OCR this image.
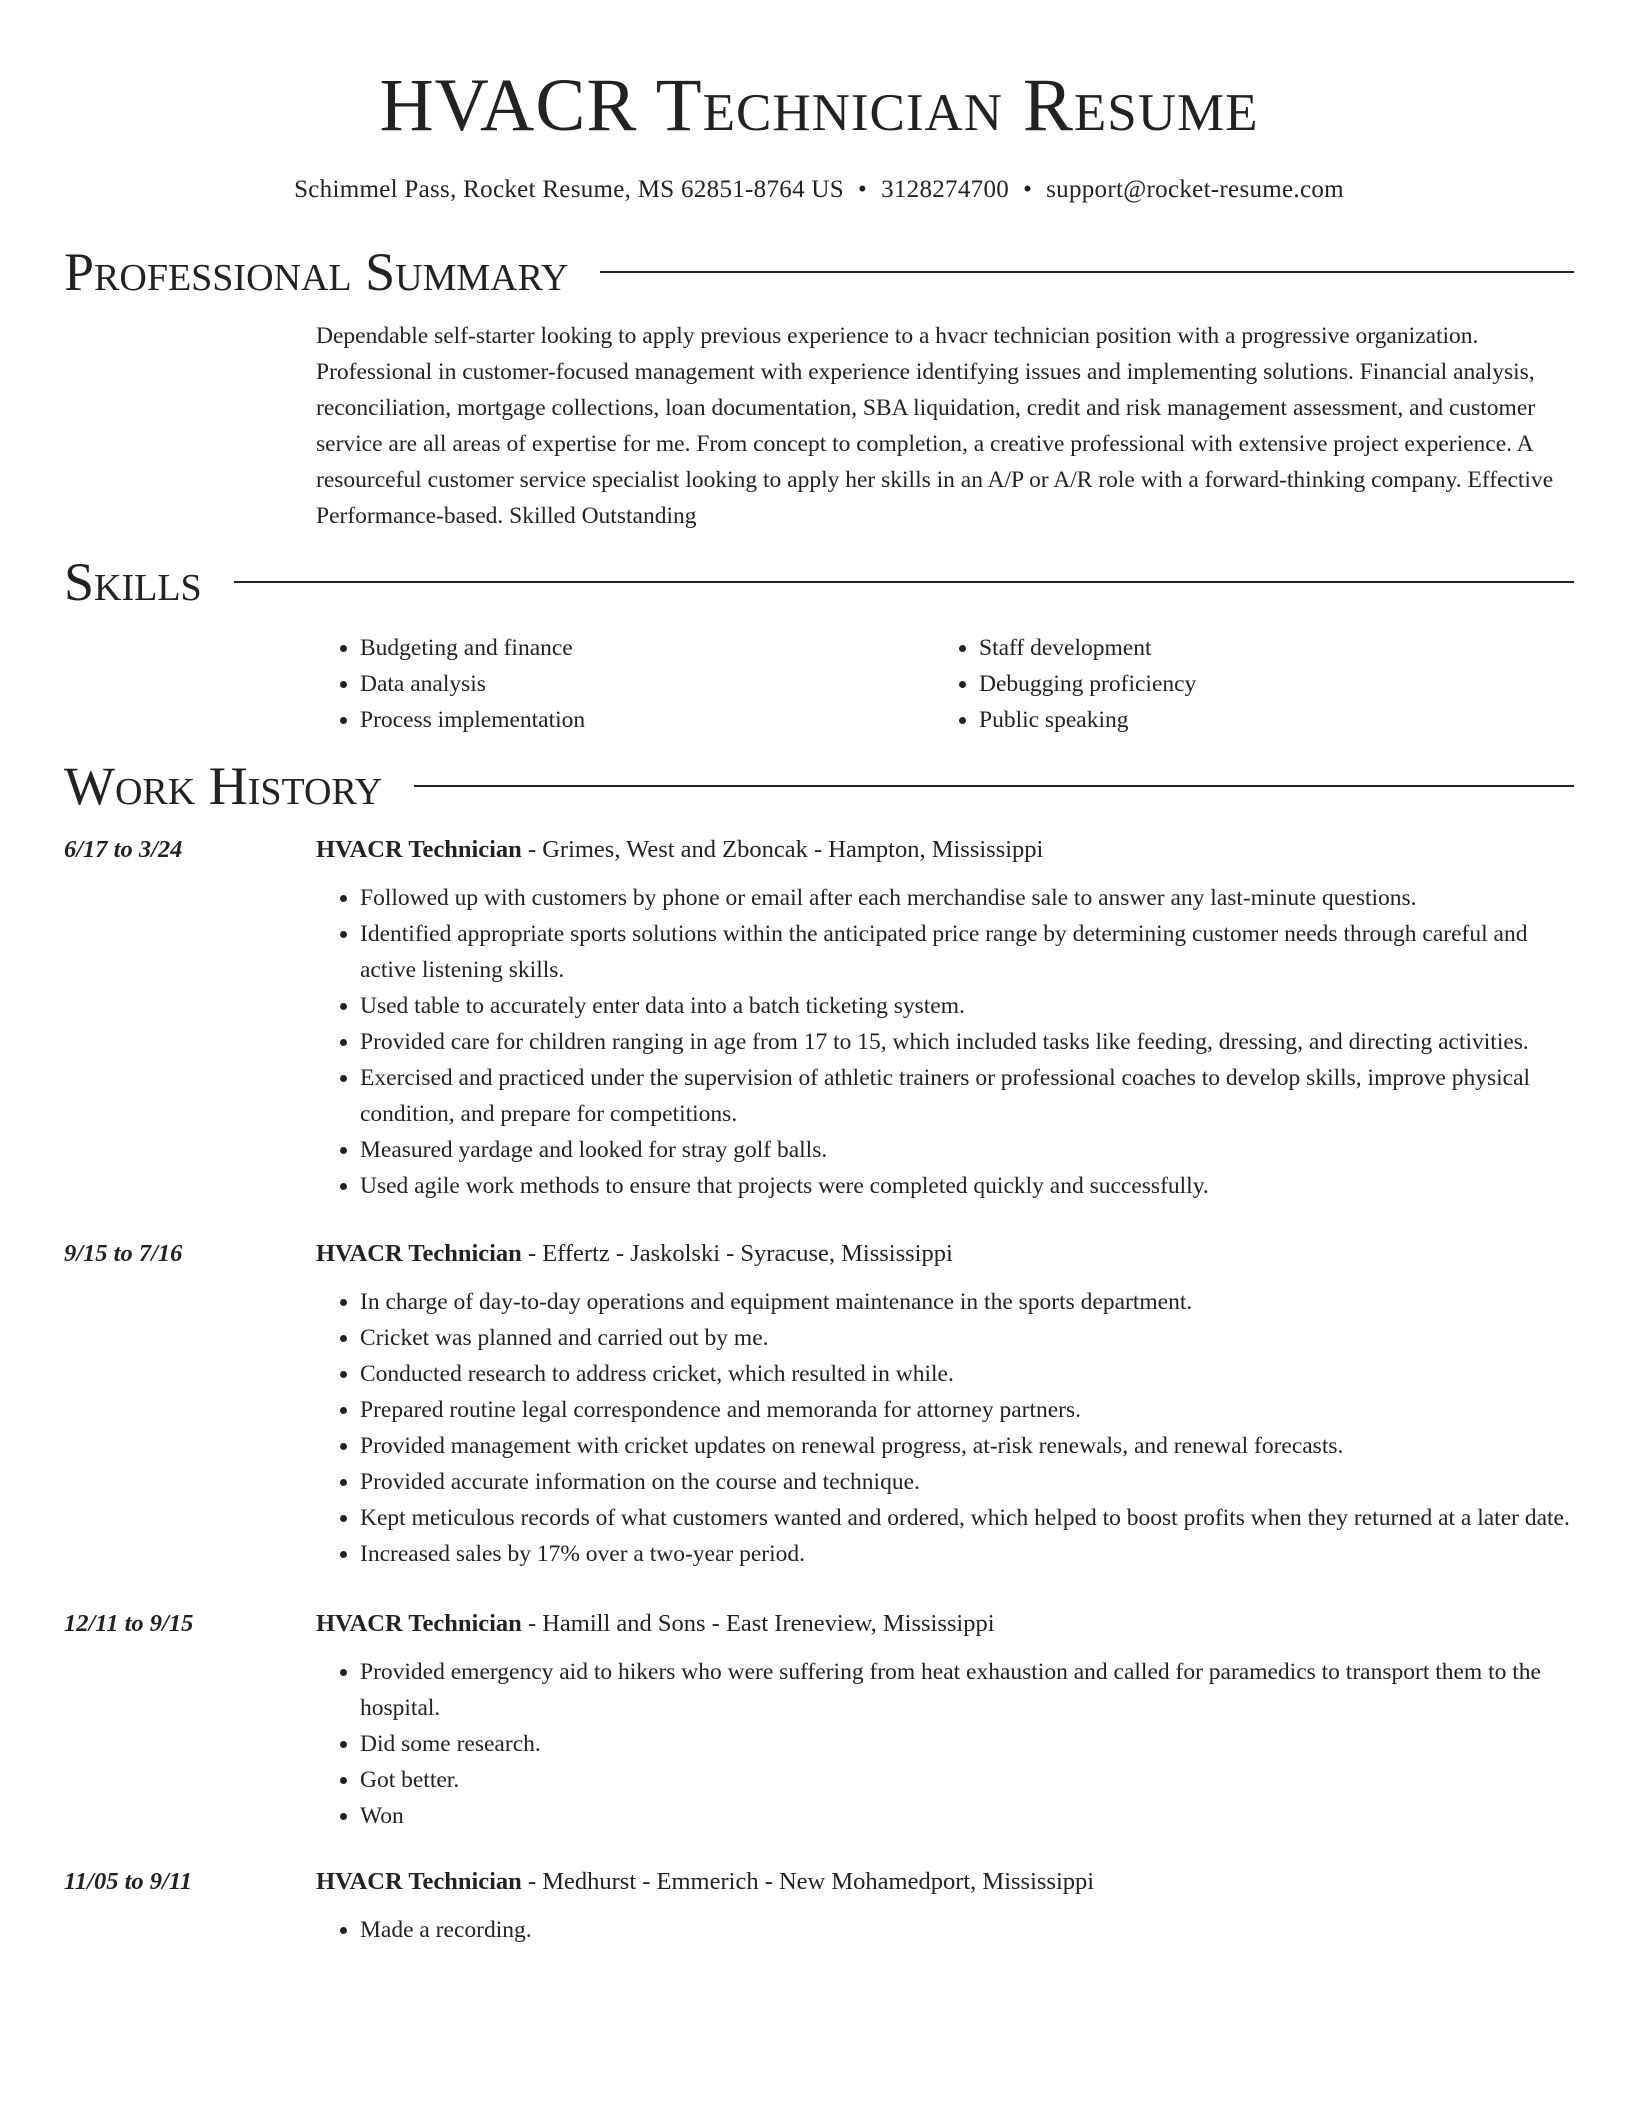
HVACR Technician Resume
Schimmel Pass, Rocket Resume, MS 62851-8764 US • 3128274700 • support@rocket-resume.com
Professional Summary
Dependable self-starter looking to apply previous experience to a hvacr technician position with a progressive organization. Professional in customer-focused management with experience identifying issues and implementing solutions. Financial analysis, reconciliation, mortgage collections, loan documentation, SBA liquidation, credit and risk management assessment, and customer service are all areas of expertise for me. From concept to completion, a creative professional with extensive project experience. A resourceful customer service specialist looking to apply her skills in an A/P or A/R role with a forward-thinking company. Effective Performance-based. Skilled Outstanding
Skills
• Budgeting and finance
• Data analysis
• Process implementation
• Staff development
• Debugging proficiency
• Public speaking
Work History
6/17 to 3/24	HVACR Technician - Grimes, West and Zboncak - Hampton, Mississippi
• Followed up with customers by phone or email after each merchandise sale to answer any last-minute questions.
• Identified appropriate sports solutions within the anticipated price range by determining customer needs through careful and active listening skills.
• Used table to accurately enter data into a batch ticketing system.
• Provided care for children ranging in age from 17 to 15, which included tasks like feeding, dressing, and directing activities.
• Exercised and practiced under the supervision of athletic trainers or professional coaches to develop skills, improve physical condition, and prepare for competitions.
• Measured yardage and looked for stray golf balls.
• Used agile work methods to ensure that projects were completed quickly and successfully.
9/15 to 7/16	HVACR Technician - Effertz - Jaskolski - Syracuse, Mississippi
• In charge of day-to-day operations and equipment maintenance in the sports department.
• Cricket was planned and carried out by me.
• Conducted research to address cricket, which resulted in while.
• Prepared routine legal correspondence and memoranda for attorney partners.
• Provided management with cricket updates on renewal progress, at-risk renewals, and renewal forecasts.
• Provided accurate information on the course and technique.
• Kept meticulous records of what customers wanted and ordered, which helped to boost profits when they returned at a later date.
• Increased sales by 17% over a two-year period.
12/11 to 9/15	HVACR Technician - Hamill and Sons - East Ireneview, Mississippi
• Provided emergency aid to hikers who were suffering from heat exhaustion and called for paramedics to transport them to the hospital.
• Did some research.
• Got better.
• Won
11/05 to 9/11	HVACR Technician - Medhurst - Emmerich - New Mohamedport, Mississippi
• Made a recording.
